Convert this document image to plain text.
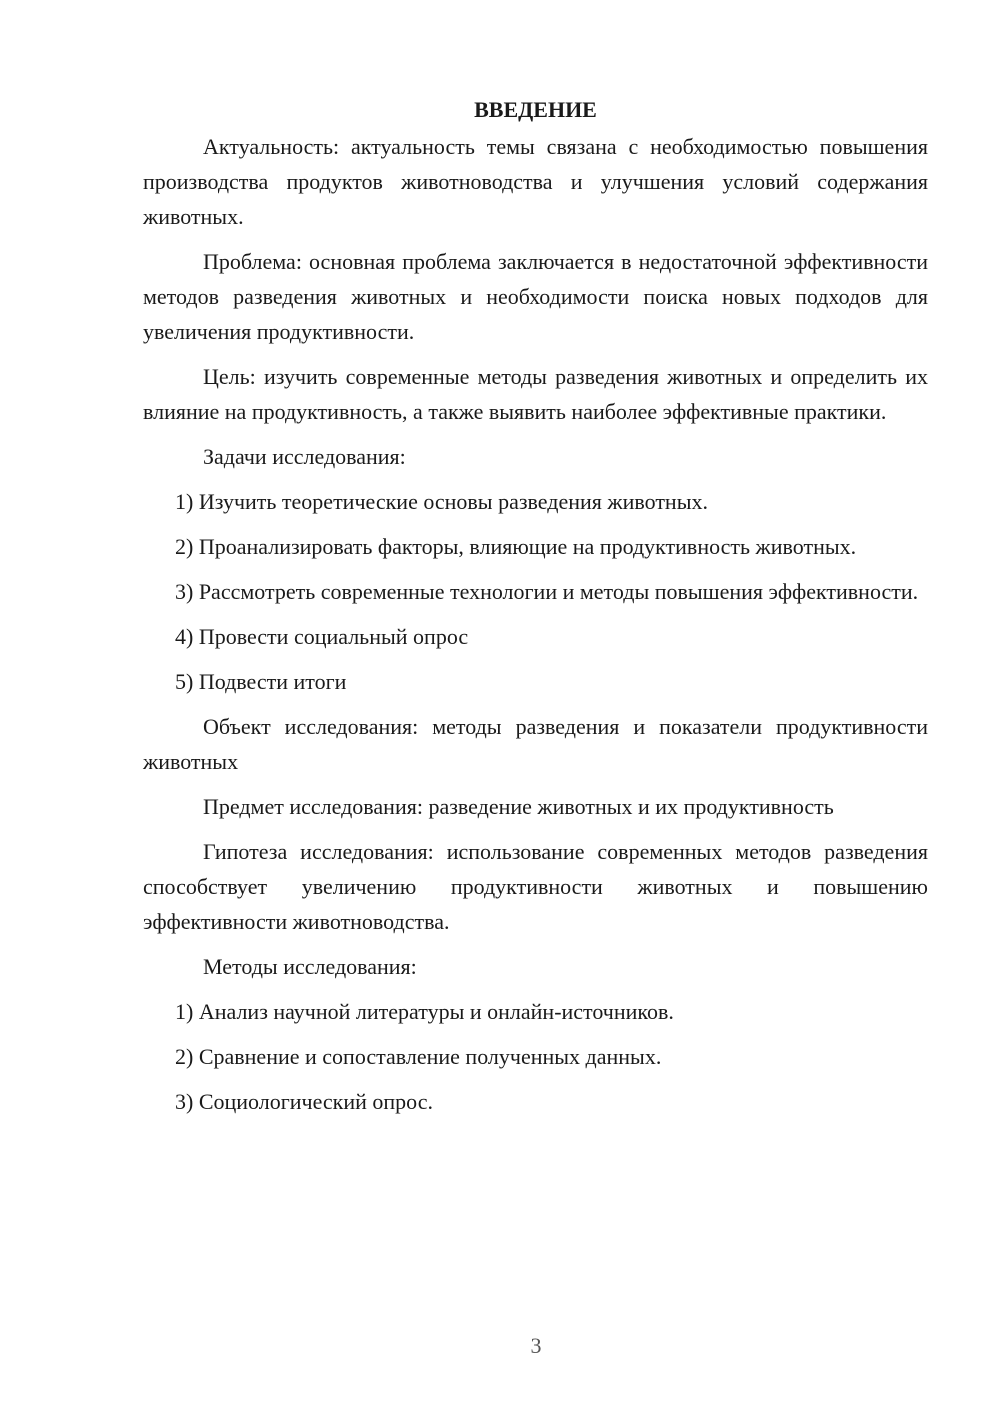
ВВЕДЕНИЕ

Актуальность: актуальность темы связана с необходимостью повышения производства продуктов животноводства и улучшения условий содержания животных.

Проблема: основная проблема заключается в недостаточной эффективности методов разведения животных и необходимости поиска новых подходов для увеличения продуктивности.

Цель: изучить современные методы разведения животных и определить их влияние на продуктивность, а также выявить наиболее эффективные практики.

Задачи исследования:

1) Изучить теоретические основы разведения животных.

2) Проанализировать факторы, влияющие на продуктивность животных.

3) Рассмотреть современные технологии и методы повышения эффективности.

4) Провести социальный опрос

5) Подвести итоги

Объект исследования: методы разведения и показатели продуктивности животных

Предмет исследования: разведение животных и их продуктивность

Гипотеза исследования: использование современных методов разведения способствует увеличению продуктивности животных и повышению эффективности животноводства.

Методы исследования:

1) Анализ научной литературы и онлайн-источников.

2) Сравнение и сопоставление полученных данных.

3) Социологический опрос.

3
